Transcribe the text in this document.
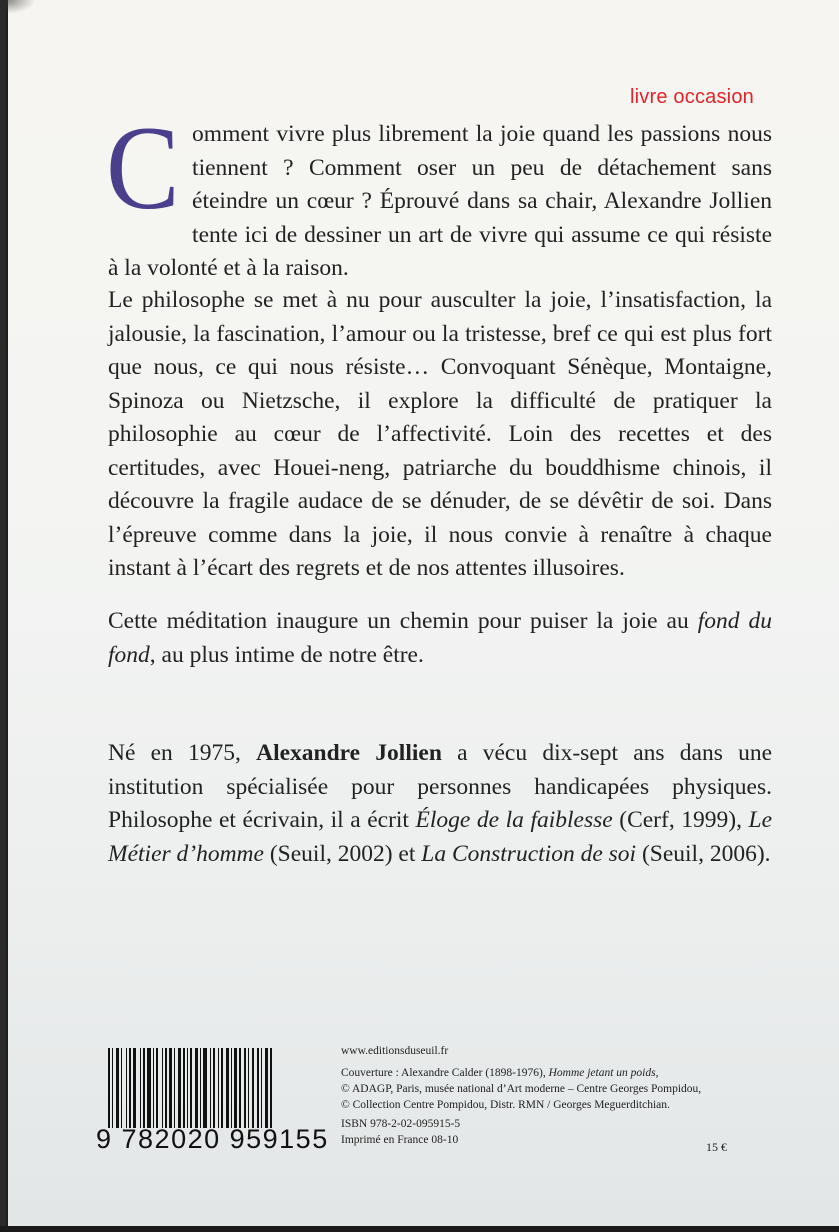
livre occasion

Comment vivre plus librement la joie quand les passions nous tiennent ? Comment oser un peu de détachement sans éteindre un cœur ? Éprouvé dans sa chair, Alexandre Jollien tente ici de dessiner un art de vivre qui assume ce qui résiste à la volonté et à la raison.

Le philosophe se met à nu pour ausculter la joie, l’insatisfaction, la jalousie, la fascination, l’amour ou la tristesse, bref ce qui est plus fort que nous, ce qui nous résiste… Convoquant Sénèque, Montaigne, Spinoza ou Nietzsche, il explore la difficulté de pratiquer la philosophie au cœur de l’affectivité. Loin des recettes et des certitudes, avec Houei-neng, patriarche du bouddhisme chinois, il découvre la fragile audace de se dénuder, de se dévêtir de soi. Dans l’épreuve comme dans la joie, il nous convie à renaître à chaque instant à l’écart des regrets et de nos attentes illusoires.

Cette méditation inaugure un chemin pour puiser la joie au fond du fond, au plus intime de notre être.

Né en 1975, Alexandre Jollien a vécu dix-sept ans dans une institution spécialisée pour personnes handicapées physiques. Philosophe et écrivain, il a écrit Éloge de la faiblesse (Cerf, 1999), Le Métier d’homme (Seuil, 2002) et La Construction de soi (Seuil, 2006).

9 782020 959155
www.editionsduseuil.fr
Couverture : Alexandre Calder (1898-1976), Homme jetant un poids,
© ADAGP, Paris, musée national d’Art moderne – Centre Georges Pompidou,
© Collection Centre Pompidou, Distr. RMN / Georges Meguerditchian.
ISBN 978-2-02-095915-5
Imprimé en France 08-10	15 €
